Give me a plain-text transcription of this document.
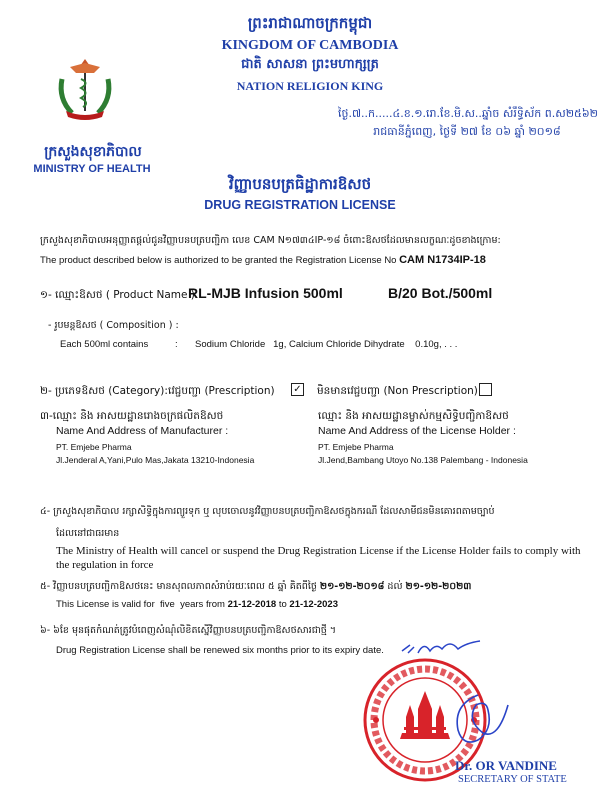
ព្រះរាជាណាចក្រកម្ពុជា
KINGDOM OF CAMBODIA
ជាតិ សាសនា ព្រះមហាក្សត្រ
NATION RELIGION KING
ក្រសួងសុខាភិបាល
MINISTRY OF HEALTH
ថ្ងៃ.៧..ក.....៤.ខ.១.រោ.ខែ.មិ.ស..ឆ្នាំច សំរឹទ្ធិស័ក ព.ស២៥៦២
រាជធានីភ្នំពេញ, ថ្ងៃទី ២៧ ខែ ០៦ ឆ្នាំ ២០១៨
វិញ្ញាបនបត្រធិដ្ឋាការឱសថ
DRUG REGISTRATION LICENSE
ក្រសួងសុខាភិបាលអនុញ្ញាតផ្តល់ជូនវិញ្ញាបនបត្របញ្ជិកា លេខ CAM N១៧៣៤IP-១៨ ចំពោះឱសថដែលមានលក្ខណៈដូចខាងក្រោម:
The product described below is authorized to be granted the Registration License No CAM N1734IP-18
១- ឈ្មោះឱសថ ( Product Name ) :
RL-MJB Infusion 500ml	B/20 Bot./500ml
- រូបមន្តឱសថ ( Composition ) :
Each 500ml contains	: Sodium Chloride   1g, Calcium Chloride Dihydrate    0.10g, . . .
២- ប្រភេទឱសថ (Category): វេជ្ជបញ្ជា (Prescription) ✓ មិនមានវេជ្ជបញ្ជា (Non Prescription)
៣-ឈ្មោះ និង អាសយដ្ឋានរោងចក្រផលិតឱសថ
Name And Address of Manufacturer :
PT. Emjebe Pharma
Jl.Jenderal A,Yani,Pulo Mas,Jakata 13210-Indonesia
ឈ្មោះ និង អាសយដ្ឋានម្ចាស់កម្មសិទ្ធិបញ្ជិកាឱសថ
Name And Address of the License Holder :
PT. Emjebe Pharma
Jl.Jend,Bambang Utoyo No.138 Palembang - Indonesia
៤- ក្រសួងសុខាភិបាល រក្សាសិទ្ធិក្នុងការព្យួរទុក ឬ លុបចោលនូវវិញ្ញាបនបត្របញ្ជិកាឱសថក្នុងករណី ដែលសាមីជនមិនគោរពតាមច្បាប់
ដែលនៅជាធរមាន
The Ministry of Health will cancel or suspend the Drug Registration License if the License Holder fails to comply with the regulation in force
៥- វិញ្ញាបនបត្របញ្ជិកាឱសថនេះ មានសុពលភាពសំរាប់រយៈពេល ៥ ឆ្នាំ គិតពីថ្ងៃ ២១-១២-២០១៨ ដល់ ២១-១២-២០២៣
This License is valid for  five  years from 21-12-2018 to 21-12-2023
៦- ៦ខែ មុនផុតកំណត់ត្រូវបំពេញសំណុំលិខិតស្នើវិញ្ញាបនបត្របញ្ជិកាឱសថសារជាថ្មី ។
Drug Registration License shall be renewed six months prior to its expiry date.
Dr. OR VANDINE
SECRETARY OF STATE
